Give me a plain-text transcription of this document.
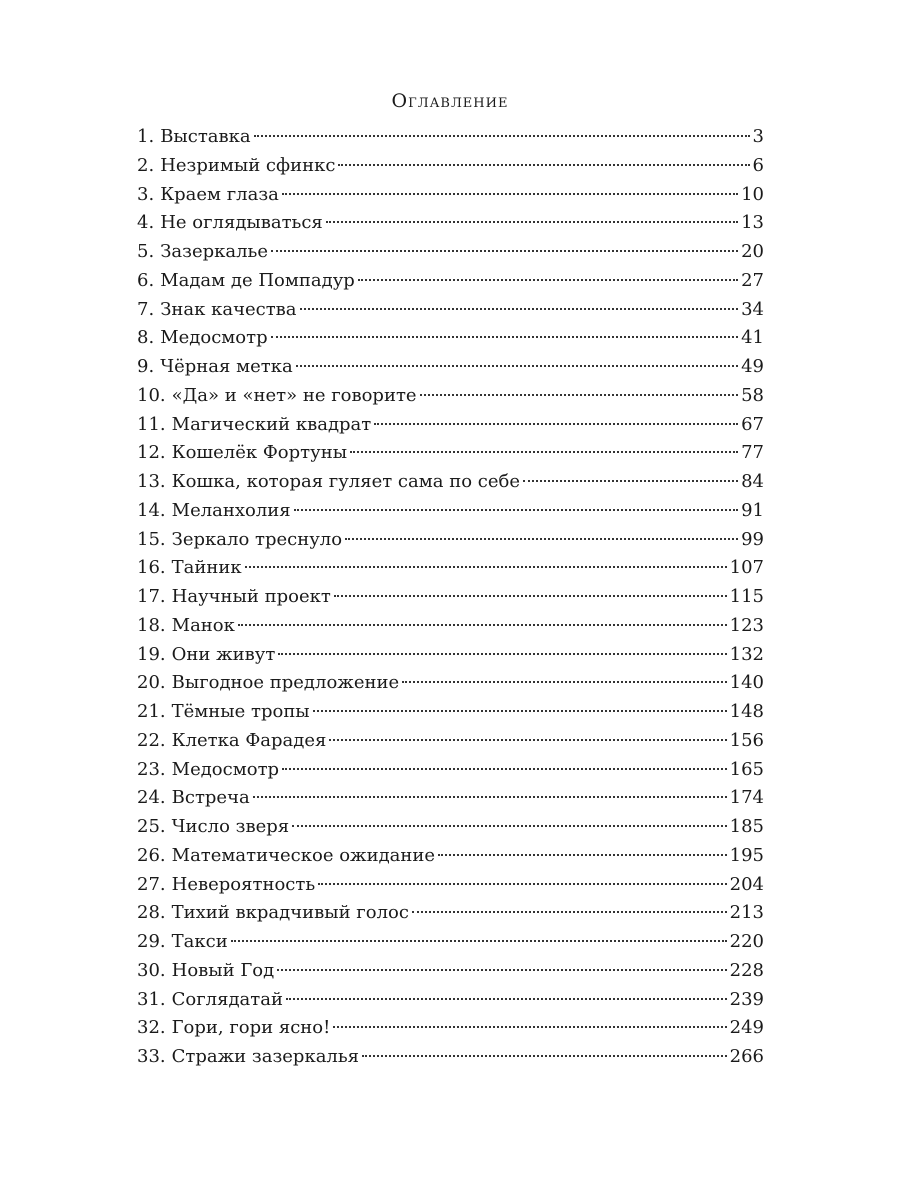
Оглавление
1. Выставка	3
2. Незримый сфинкс	6
3. Краем глаза	10
4. Не оглядываться	13
5. Зазеркалье	20
6. Мадам де Помпадур	27
7. Знак качества	34
8. Медосмотр	41
9. Чёрная метка	49
10. «Да» и «нет» не говорите	58
11. Магический квадрат	67
12. Кошелёк Фортуны	77
13. Кошка, которая гуляет сама по себе	84
14. Меланхолия	91
15. Зеркало треснуло	99
16. Тайник	107
17. Научный проект	115
18. Манок	123
19. Они живут	132
20. Выгодное предложение	140
21. Тёмные тропы	148
22. Клетка Фарадея	156
23. Медосмотр	165
24. Встреча	174
25. Число зверя	185
26. Математическое ожидание	195
27. Невероятность	204
28. Тихий вкрадчивый голос	213
29. Такси	220
30. Новый Год	228
31. Соглядатай	239
32. Гори, гори ясно!	249
33. Стражи зазеркалья	266
